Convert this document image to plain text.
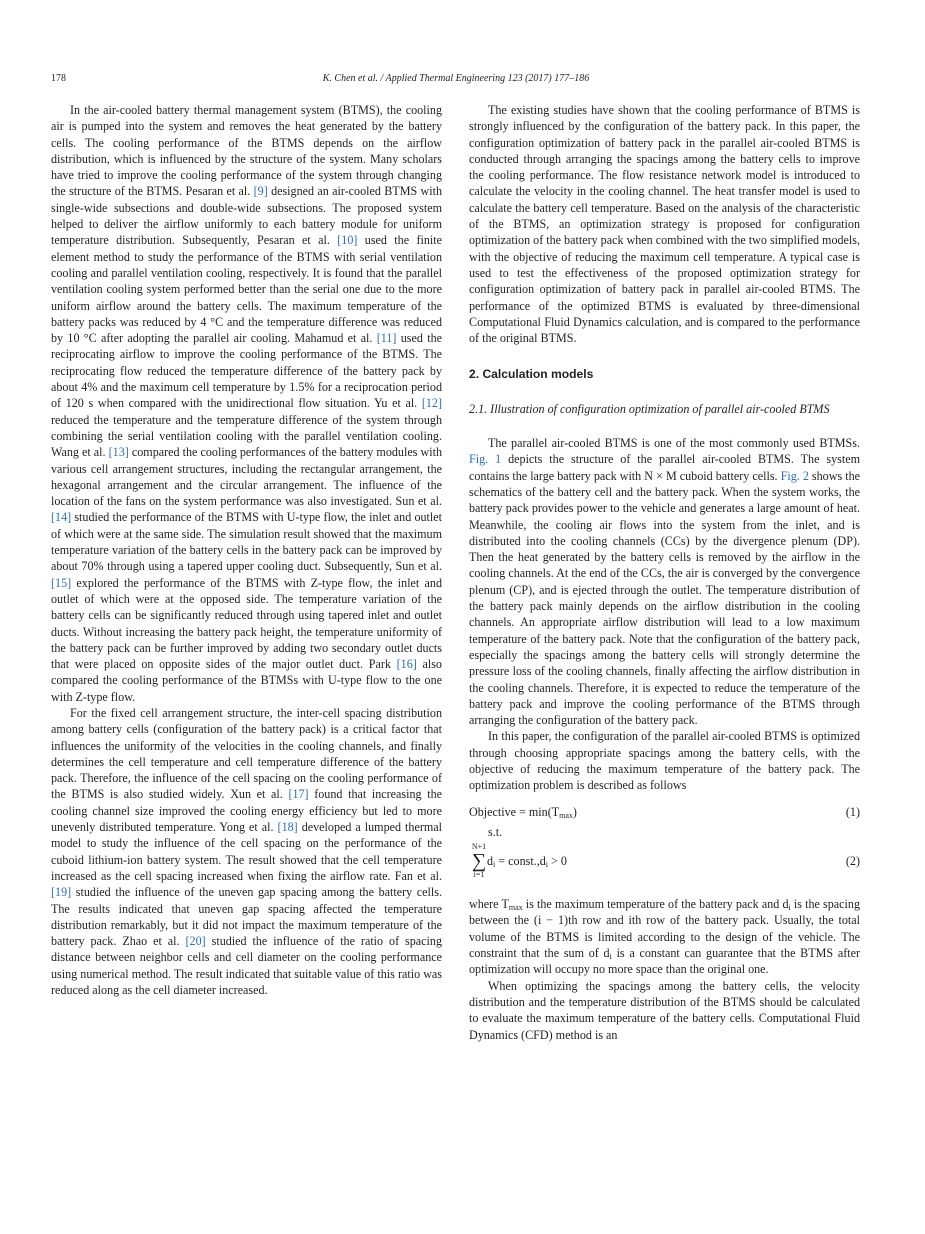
178	K. Chen et al. / Applied Thermal Engineering 123 (2017) 177–186

In the air-cooled battery thermal management system (BTMS), the cooling air is pumped into the system and removes the heat generated by the battery cells. The cooling performance of the BTMS depends on the airflow distribution, which is influenced by the structure of the system. Many scholars have tried to improve the cooling performance of the system through changing the structure of the BTMS. Pesaran et al. [9] designed an air-cooled BTMS with single-wide subsections and double-wide subsections. The proposed system helped to deliver the airflow uniformly to each battery module for uniform temperature distribution. Subsequently, Pesaran et al. [10] used the finite element method to study the performance of the BTMS with serial ventilation cooling and parallel ventilation cooling, respectively. It is found that the parallel ventilation cooling system performed better than the serial one due to the more uniform airflow around the battery cells. The maximum temperature of the battery packs was reduced by 4 °C and the temperature difference was reduced by 10 °C after adopting the parallel air cooling. Mahamud et al. [11] used the reciprocating airflow to improve the cooling performance of the BTMS. The reciprocating flow reduced the temperature difference of the battery pack by about 4% and the maximum cell temperature by 1.5% for a reciprocation period of 120 s when compared with the unidirectional flow situation. Yu et al. [12] reduced the temperature and the temperature difference of the system through combining the serial ventilation cooling with the parallel ventilation cooling. Wang et al. [13] compared the cooling performances of the battery modules with various cell arrangement structures, including the rectangular arrangement, the hexagonal arrangement and the circular arrangement. The influence of the location of the fans on the system performance was also investigated. Sun et al. [14] studied the performance of the BTMS with U-type flow, the inlet and outlet of which were at the same side. The simulation result showed that the maximum temperature variation of the battery cells in the battery pack can be improved by about 70% through using a tapered upper cooling duct. Subsequently, Sun et al. [15] explored the performance of the BTMS with Z-type flow, the inlet and outlet of which were at the opposed side. The temperature variation of the battery cells can be significantly reduced through using tapered inlet and outlet ducts. Without increasing the battery pack height, the temperature uniformity of the battery pack can be further improved by adding two secondary outlet ducts that were placed on opposite sides of the major outlet duct. Park [16] also compared the cooling performance of the BTMSs with U-type flow to the one with Z-type flow.

For the fixed cell arrangement structure, the inter-cell spacing distribution among battery cells (configuration of the battery pack) is a critical factor that influences the uniformity of the velocities in the cooling channels, and finally determines the cell temperature and cell temperature difference of the battery pack. Therefore, the influence of the cell spacing on the cooling performance of the BTMS is also studied widely. Xun et al. [17] found that increasing the cooling channel size improved the cooling energy efficiency but led to more unevenly distributed temperature. Yong et al. [18] developed a lumped thermal model to study the influence of the cell spacing on the performance of the cuboid lithium-ion battery system. The result showed that the cell temperature increased as the cell spacing increased when fixing the airflow rate. Fan et al. [19] studied the influence of the uneven gap spacing among the battery cells. The results indicated that uneven gap spacing affected the temperature distribution remarkably, but it did not impact the maximum temperature of the battery pack. Zhao et al. [20] studied the influence of the ratio of spacing distance between neighbor cells and cell diameter on the cooling performance using numerical method. The result indicated that suitable value of this ratio was reduced along as the cell diameter increased.

The existing studies have shown that the cooling performance of BTMS is strongly influenced by the configuration of the battery pack. In this paper, the configuration optimization of battery pack in the parallel air-cooled BTMS is conducted through arranging the spacings among the battery cells to improve the cooling performance. The flow resistance network model is introduced to calculate the velocity in the cooling channel. The heat transfer model is used to calculate the battery cell temperature. Based on the analysis of the characteristic of the BTMS, an optimization strategy is proposed for configuration optimization of the battery pack when combined with the two simplified models, with the objective of reducing the maximum cell temperature. A typical case is used to test the effectiveness of the proposed optimization strategy for configuration optimization of battery pack in parallel air-cooled BTMS. The performance of the optimized BTMS is evaluated by three-dimensional Computational Fluid Dynamics calculation, and is compared to the performance of the original BTMS.

2. Calculation models
2.1. Illustration of configuration optimization of parallel air-cooled BTMS

The parallel air-cooled BTMS is one of the most commonly used BTMSs. Fig. 1 depicts the structure of the parallel air-cooled BTMS. The system contains the large battery pack with N × M cuboid battery cells. Fig. 2 shows the schematics of the battery cell and the battery pack. When the system works, the battery pack provides power to the vehicle and generates a large amount of heat. Meanwhile, the cooling air flows into the system from the inlet, and is distributed into the cooling channels (CCs) by the divergence plenum (DP). Then the heat generated by the battery cells is removed by the airflow in the cooling channels. At the end of the CCs, the air is converged by the convergence plenum (CP), and is ejected through the outlet. The temperature distribution of the battery pack mainly depends on the airflow distribution in the cooling channels. An appropriate airflow distribution will lead to a low maximum temperature of the battery pack. Note that the configuration of the battery pack, especially the spacings among the battery cells will strongly determine the pressure loss of the cooling channels, finally affecting the airflow distribution in the cooling channels. Therefore, it is expected to reduce the temperature of the battery pack and improve the cooling performance of the BTMS through arranging the configuration of the battery pack.

In this paper, the configuration of the parallel air-cooled BTMS is optimized through choosing appropriate spacings among the battery cells, with the objective of reducing the maximum temperature of the battery pack. The optimization problem is described as follows

Objective = $\min(T_{max})$	(1)
s.t.
N+1
∑
i=1
$d_i$ = $const.,d_i > 0$	(2)

where $T_{max}$ is the maximum temperature of the battery pack and $d_i$ is the spacing between the (i − 1)th row and ith row of the battery pack. Usually, the total volume of the BTMS is limited according to the design of the vehicle. The constraint that the sum of $d_i$ is a constant can guarantee that the BTMS after optimization will occupy no more space than the original one.

When optimizing the spacings among the battery cells, the velocity distribution and the temperature distribution of the BTMS should be calculated to evaluate the maximum temperature of the battery cells. Computational Fluid Dynamics (CFD) method is an
